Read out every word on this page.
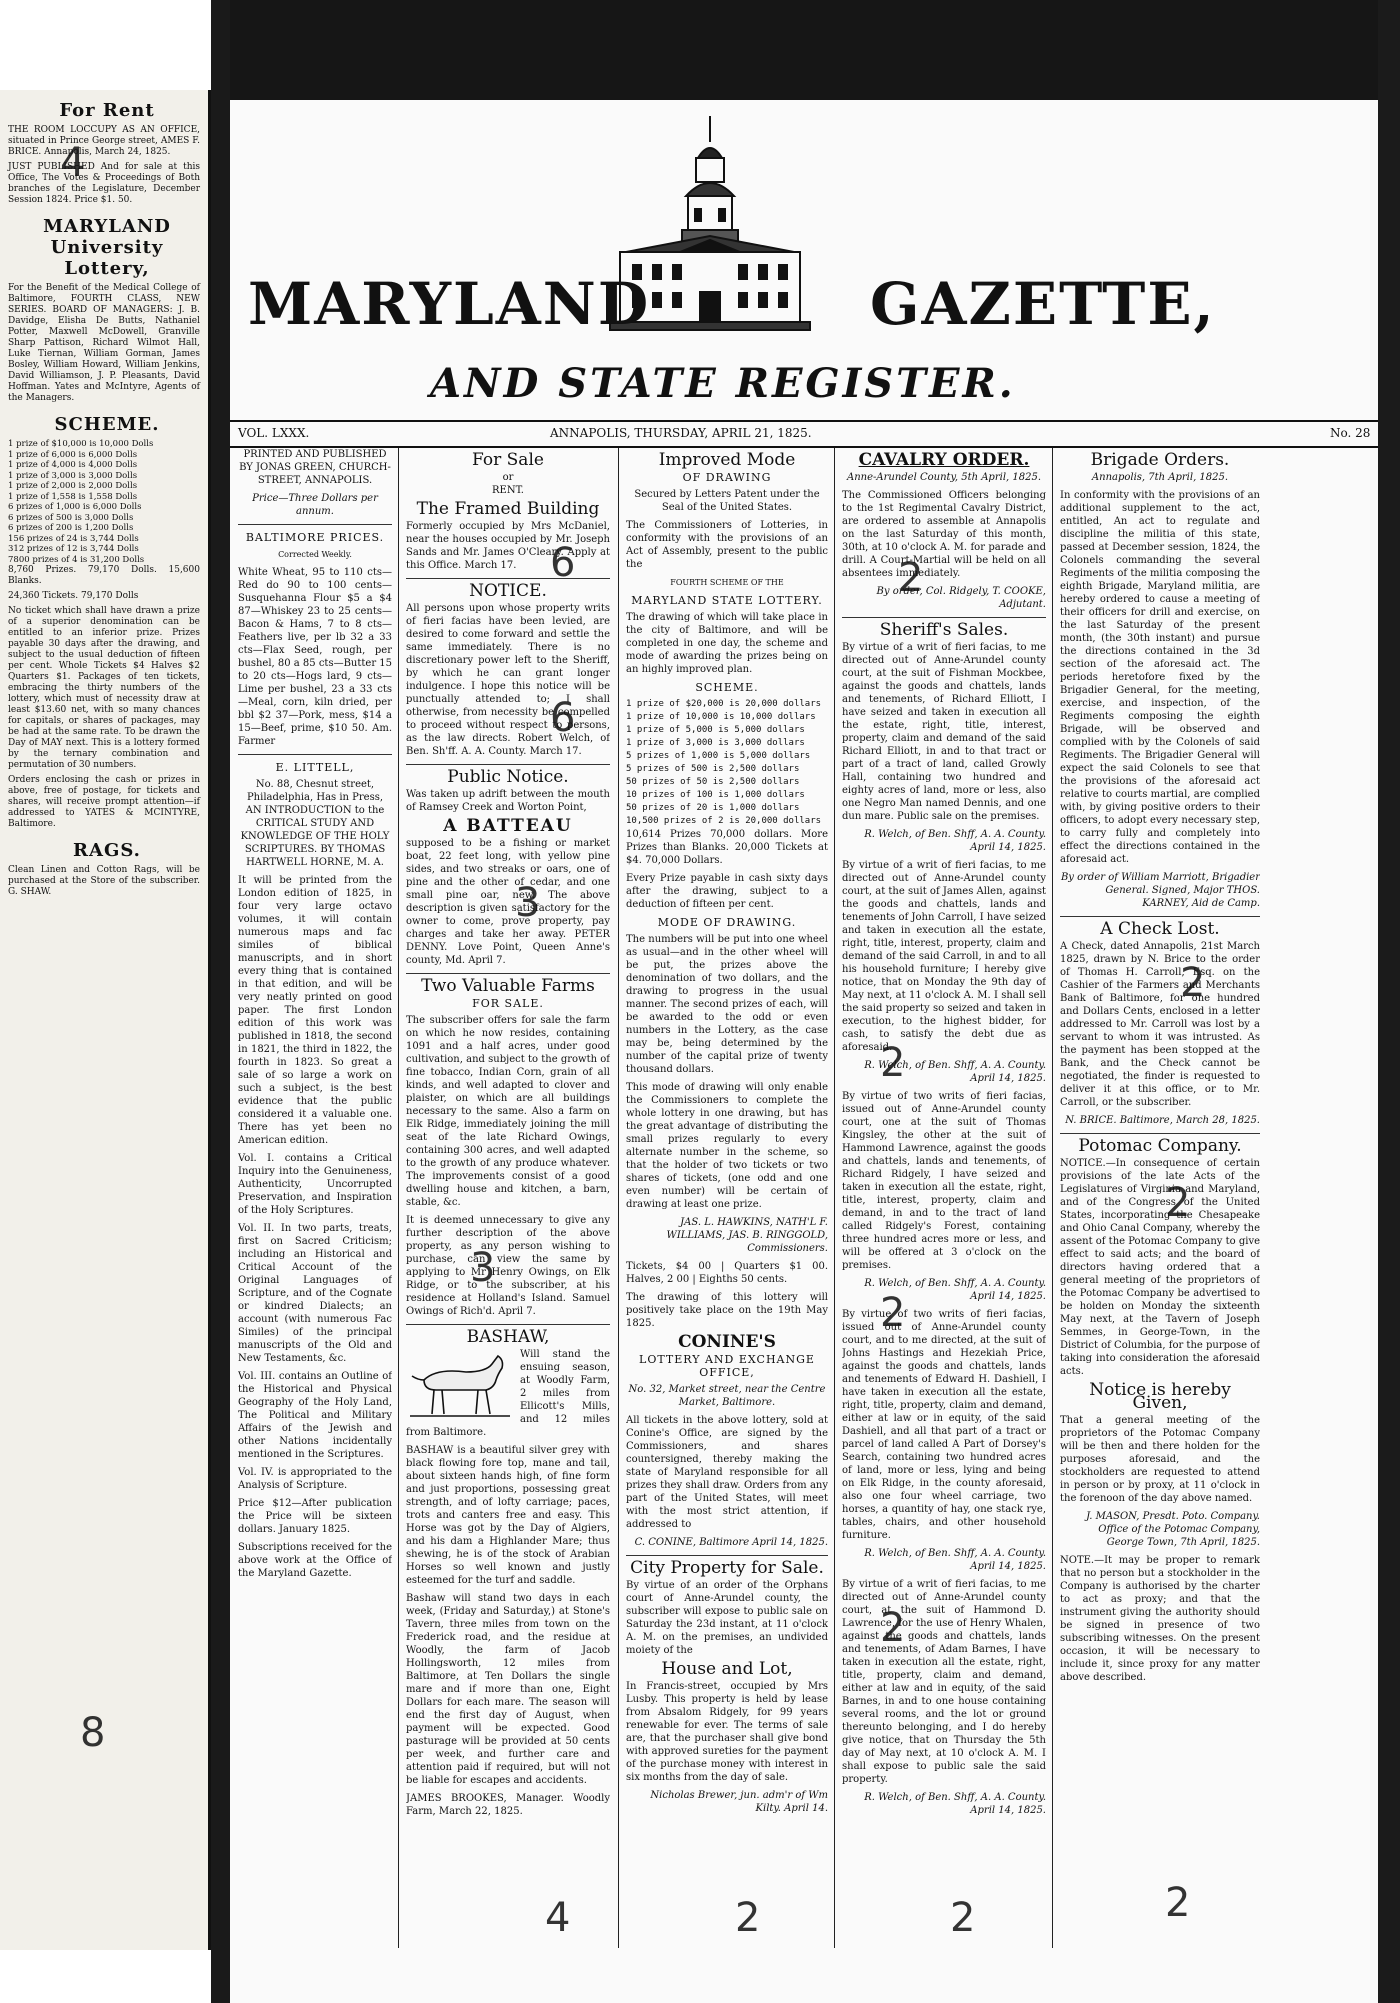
For Rent

THE ROOM LOCCUPY AS AN OFFICE, situated in Prince George street, AMES F. BRICE. Annapolis, March 24, 1825.

JUST PUBLISHED And for sale at this Office, The Votes & Proceedings of Both branches of the Legislature, December Session 1824. Price $1. 50.

MARYLAND University Lottery,

For the Benefit of the Medical College of Baltimore, FOURTH CLASS, NEW SERIES. BOARD OF MANAGERS: J. B. Davidge, Elisha De Butts, Nathaniel Potter, Maxwell McDowell, Granville Sharp Pattison, Richard Wilmot Hall, Luke Tiernan, William Gorman, James Bosley, William Howard, William Jenkins, David Williamson, J. P. Pleasants, David Hoffman. Yates and McIntyre, Agents of the Managers.

SCHEME.
1 prize of $10,000 is 10,000 Dolls
1 prize of 6,000 is 6,000 Dolls
1 prize of 4,000 is 4,000 Dolls
1 prize of 3,000 is 3,000 Dolls
1 prize of 2,000 is 2,000 Dolls
1 prize of 1,558 is 1,558 Dolls
6 prizes of 1,000 is 6,000 Dolls
6 prizes of 500 is 3,000 Dolls
6 prizes of 200 is 1,200 Dolls
156 prizes of 24 is 3,744 Dolls
312 prizes of 12 is 3,744 Dolls
7800 prizes of 4 is 31,200 Dolls

8,760 Prizes. 79,170 Dolls. 15,600 Blanks.

24,360 Tickets. 79,170 Dolls

No ticket which shall have drawn a prize of a superior denomination can be entitled to an inferior prize. Prizes payable 30 days after the drawing, and subject to the usual deduction of fifteen per cent. Whole Tickets $4 Halves $2 Quarters $1. Packages of ten tickets, embracing the thirty numbers of the lottery, which must of necessity draw at least $13.60 net, with so many chances for capitals, or shares of packages, may be had at the same rate. To be drawn the Day of MAY next. This is a lottery formed by the ternary combination and permutation of 30 numbers.

Orders enclosing the cash or prizes in above, free of postage, for tickets and shares, will receive prompt attention—if addressed to YATES & MCINTYRE, Baltimore.

RAGS.

Clean Linen and Cotton Rags, will be purchased at the Store of the subscriber. G. SHAW.

MARYLAND	GAZETTE,
AND STATE REGISTER.
VOL. LXXX.	ANNAPOLIS, THURSDAY, APRIL 21, 1825.	No. 28

PRINTED AND PUBLISHED BY JONAS GREEN, CHURCH-STREET, ANNAPOLIS.

Price—Three Dollars per annum.

BALTIMORE PRICES.

Corrected Weekly.

White Wheat, 95 to 110 cts—Red do 90 to 100 cents—Susquehanna Flour $5 a $4 87—Whiskey 23 to 25 cents—Bacon & Hams, 7 to 8 cts—Feathers live, per lb 32 a 33 cts—Flax Seed, rough, per bushel, 80 a 85 cts—Butter 15 to 20 cts—Hogs lard, 9 cts—Lime per bushel, 23 a 33 cts—Meal, corn, kiln dried, per bbl $2 37—Pork, mess, $14 a 15—Beef, prime, $10 50. Am. Farmer

E. LITTELL,

No. 88, Chesnut street, Philadelphia, Has in Press, AN INTRODUCTION to the CRITICAL STUDY AND KNOWLEDGE OF THE HOLY SCRIPTURES. BY THOMAS HARTWELL HORNE, M. A.

It will be printed from the London edition of 1825, in four very large octavo volumes, it will contain numerous maps and fac similes of biblical manuscripts, and in short every thing that is contained in that edition, and will be very neatly printed on good paper. The first London edition of this work was published in 1818, the second in 1821, the third in 1822, the fourth in 1823. So great a sale of so large a work on such a subject, is the best evidence that the public considered it a valuable one. There has yet been no American edition.

Vol. I. contains a Critical Inquiry into the Genuineness, Authenticity, Uncorrupted Preservation, and Inspiration of the Holy Scriptures.

Vol. II. In two parts, treats, first on Sacred Criticism; including an Historical and Critical Account of the Original Languages of Scripture, and of the Cognate or kindred Dialects; an account (with numerous Fac Similes) of the principal manuscripts of the Old and New Testaments, &c.

Vol. III. contains an Outline of the Historical and Physical Geography of the Holy Land, The Political and Military Affairs of the Jewish and other Nations incidentally mentioned in the Scriptures.

Vol. IV. is appropriated to the Analysis of Scripture.

Price $12—After publication the Price will be sixteen dollars. January 1825.

Subscriptions received for the above work at the Office of the Maryland Gazette.

For Sale

or

RENT.

The Framed Building

Formerly occupied by Mrs McDaniel, near the houses occupied by Mr. Joseph Sands and Mr. James O'Cleary. Apply at this Office. March 17.

NOTICE.

All persons upon whose property writs of fieri facias have been levied, are desired to come forward and settle the same immediately. There is no discretionary power left to the Sheriff, by which he can grant longer indulgence. I hope this notice will be punctually attended to; I shall otherwise, from necessity be compelled to proceed without respect to persons, as the law directs. Robert Welch, of Ben. Sh'ff. A. A. County. March 17.

Public Notice.

Was taken up adrift between the mouth of Ramsey Creek and Worton Point,

A BATTEAU

supposed to be a fishing or market boat, 22 feet long, with yellow pine sides, and two streaks or oars, one of pine and the other of cedar, and one small pine oar, new. The above description is given satisfactory for the owner to come, prove property, pay charges and take her away. PETER DENNY. Love Point, Queen Anne's county, Md. April 7.

Two Valuable Farms
FOR SALE.

The subscriber offers for sale the farm on which he now resides, containing 1091 and a half acres, under good cultivation, and subject to the growth of fine tobacco, Indian Corn, grain of all kinds, and well adapted to clover and plaister, on which are all buildings necessary to the same. Also a farm on Elk Ridge, immediately joining the mill seat of the late Richard Owings, containing 300 acres, and well adapted to the growth of any produce whatever. The improvements consist of a good dwelling house and kitchen, a barn, stable, &c.

It is deemed unnecessary to give any further description of the above property, as any person wishing to purchase, can view the same by applying to Mr Henry Owings, on Elk Ridge, or to the subscriber, at his residence at Holland's Island. Samuel Owings of Rich'd. April 7.

BASHAW,

Will stand the ensuing season, at Woodly Farm, 2 miles from Ellicott's Mills, and 12 miles from Baltimore.

BASHAW is a beautiful silver grey with black flowing fore top, mane and tail, about sixteen hands high, of fine form and just proportions, possessing great strength, and of lofty carriage; paces, trots and canters free and easy. This Horse was got by the Day of Algiers, and his dam a Highlander Mare; thus shewing, he is of the stock of Arabian Horses so well known and justly esteemed for the turf and saddle.

Bashaw will stand two days in each week, (Friday and Saturday,) at Stone's Tavern, three miles from town on the Frederick road, and the residue at Woodly, the farm of Jacob Hollingsworth, 12 miles from Baltimore, at Ten Dollars the single mare and if more than one, Eight Dollars for each mare. The season will end the first day of August, when payment will be expected. Good pasturage will be provided at 50 cents per week, and further care and attention paid if required, but will not be liable for escapes and accidents.

JAMES BROOKES, Manager. Woodly Farm, March 22, 1825.

Improved Mode
OF DRAWING

Secured by Letters Patent under the Seal of the United States.

The Commissioners of Lotteries, in conformity with the provisions of an Act of Assembly, present to the public the

FOURTH SCHEME OF THE

MARYLAND STATE LOTTERY.

The drawing of which will take place in the city of Baltimore, and will be completed in one day, the scheme and mode of awarding the prizes being on an highly improved plan.

SCHEME.
1 prize of $20,000 is 20,000 dollars
1 prize of 10,000 is 10,000 dollars
1 prize of 5,000 is 5,000 dollars
1 prize of 3,000 is 3,000 dollars
5 prizes of 1,000 is 5,000 dollars
5 prizes of 500 is 2,500 dollars
50 prizes of 50 is 2,500 dollars
10 prizes of 100 is 1,000 dollars
50 prizes of 20 is 1,000 dollars
10,500 prizes of 2 is 20,000 dollars

10,614 Prizes 70,000 dollars. More Prizes than Blanks. 20,000 Tickets at $4. 70,000 Dollars.

Every Prize payable in cash sixty days after the drawing, subject to a deduction of fifteen per cent.

MODE OF DRAWING.

The numbers will be put into one wheel as usual—and in the other wheel will be put, the prizes above the denomination of two dollars, and the drawing to progress in the usual manner. The second prizes of each, will be awarded to the odd or even numbers in the Lottery, as the case may be, being determined by the number of the capital prize of twenty thousand dollars.

This mode of drawing will only enable the Commissioners to complete the whole lottery in one drawing, but has the great advantage of distributing the small prizes regularly to every alternate number in the scheme, so that the holder of two tickets or two shares of tickets, (one odd and one even number) will be certain of drawing at least one prize.

JAS. L. HAWKINS, NATH'L F. WILLIAMS, JAS. B. RINGGOLD, Commissioners.

Tickets, $4 00 | Quarters $1 00. Halves, 2 00 | Eighths 50 cents.

The drawing of this lottery will positively take place on the 19th May 1825.

CONINE'S
LOTTERY AND EXCHANGE OFFICE,

No. 32, Market street, near the Centre Market, Baltimore.

All tickets in the above lottery, sold at Conine's Office, are signed by the Commissioners, and shares countersigned, thereby making the state of Maryland responsible for all prizes they shall draw. Orders from any part of the United States, will meet with the most strict attention, if addressed to

C. CONINE, Baltimore April 14, 1825.

City Property for Sale.

By virtue of an order of the Orphans court of Anne-Arundel county, the subscriber will expose to public sale on Saturday the 23d instant, at 11 o'clock A. M. on the premises, an undivided moiety of the

House and Lot,

In Francis-street, occupied by Mrs Lusby. This property is held by lease from Absalom Ridgely, for 99 years renewable for ever. The terms of sale are, that the purchaser shall give bond with approved sureties for the payment of the purchase money with interest in six months from the day of sale.

Nicholas Brewer, jun. adm'r of Wm Kilty. April 14.

CAVALRY ORDER.

Anne-Arundel County, 5th April, 1825.

The Commissioned Officers belonging to the 1st Regimental Cavalry District, are ordered to assemble at Annapolis on the last Saturday of this month, 30th, at 10 o'clock A. M. for parade and drill. A Court-Martial will be held on all absentees immediately.

By order, Col. Ridgely, T. COOKE, Adjutant.

Sheriff's Sales.

By virtue of a writ of fieri facias, to me directed out of Anne-Arundel county court, at the suit of Fishman Mockbee, against the goods and chattels, lands and tenements, of Richard Elliott, I have seized and taken in execution all the estate, right, title, interest, property, claim and demand of the said Richard Elliott, in and to that tract or part of a tract of land, called Growly Hall, containing two hundred and eighty acres of land, more or less, also one Negro Man named Dennis, and one dun mare. Public sale on the premises.

R. Welch, of Ben. Shff, A. A. County. April 14, 1825.

By virtue of a writ of fieri facias, to me directed out of Anne-Arundel county court, at the suit of James Allen, against the goods and chattels, lands and tenements of John Carroll, I have seized and taken in execution all the estate, right, title, interest, property, claim and demand of the said Carroll, in and to all his household furniture; I hereby give notice, that on Monday the 9th day of May next, at 11 o'clock A. M. I shall sell the said property so seized and taken in execution, to the highest bidder, for cash, to satisfy the debt due as aforesaid.

R. Welch, of Ben. Shff, A. A. County. April 14, 1825.

By virtue of two writs of fieri facias, issued out of Anne-Arundel county court, one at the suit of Thomas Kingsley, the other at the suit of Hammond Lawrence, against the goods and chattels, lands and tenements, of Richard Ridgely, I have seized and taken in execution all the estate, right, title, interest, property, claim and demand, in and to the tract of land called Ridgely's Forest, containing three hundred acres more or less, and will be offered at 3 o'clock on the premises.

R. Welch, of Ben. Shff, A. A. County. April 14, 1825.

By virtue of two writs of fieri facias, issued out of Anne-Arundel county court, and to me directed, at the suit of Johns Hastings and Hezekiah Price, against the goods and chattels, lands and tenements of Edward H. Dashiell, I have taken in execution all the estate, right, title, property, claim and demand, either at law or in equity, of the said Dashiell, and all that part of a tract or parcel of land called A Part of Dorsey's Search, containing two hundred acres of land, more or less, lying and being on Elk Ridge, in the county aforesaid, also one four wheel carriage, two horses, a quantity of hay, one stack rye, tables, chairs, and other household furniture.

R. Welch, of Ben. Shff, A. A. County. April 14, 1825.

By virtue of a writ of fieri facias, to me directed out of Anne-Arundel county court, at the suit of Hammond D. Lawrence, for the use of Henry Whalen, against the goods and chattels, lands and tenements, of Adam Barnes, I have taken in execution all the estate, right, title, property, claim and demand, either at law and in equity, of the said Barnes, in and to one house containing several rooms, and the lot or ground thereunto belonging, and I do hereby give notice, that on Thursday the 5th day of May next, at 10 o'clock A. M. I shall expose to public sale the said property.

R. Welch, of Ben. Shff, A. A. County. April 14, 1825.

Brigade Orders.

Annapolis, 7th April, 1825.

In conformity with the provisions of an additional supplement to the act, entitled, An act to regulate and discipline the militia of this state, passed at December session, 1824, the Colonels commanding the several Regiments of the militia composing the eighth Brigade, Maryland militia, are hereby ordered to cause a meeting of their officers for drill and exercise, on the last Saturday of the present month, (the 30th instant) and pursue the directions contained in the 3d section of the aforesaid act. The periods heretofore fixed by the Brigadier General, for the meeting, exercise, and inspection, of the Regiments composing the eighth Brigade, will be observed and complied with by the Colonels of said Regiments. The Brigadier General will expect the said Colonels to see that the provisions of the aforesaid act relative to courts martial, are complied with, by giving positive orders to their officers, to adopt every necessary step, to carry fully and completely into effect the directions contained in the aforesaid act.

By order of William Marriott, Brigadier General. Signed, Major THOS. KARNEY, Aid de Camp.

A Check Lost.

A Check, dated Annapolis, 21st March 1825, drawn by N. Brice to the order of Thomas H. Carroll, Esq. on the Cashier of the Farmers and Merchants Bank of Baltimore, for one hundred and Dollars Cents, enclosed in a letter addressed to Mr. Carroll was lost by a servant to whom it was intrusted. As the payment has been stopped at the Bank, and the Check cannot be negotiated, the finder is requested to deliver it at this office, or to Mr. Carroll, or the subscriber.

N. BRICE. Baltimore, March 28, 1825.

Potomac Company.

NOTICE.—In consequence of certain provisions of the late Acts of the Legislatures of Virginia and Maryland, and of the Congress of the United States, incorporating the Chesapeake and Ohio Canal Company, whereby the assent of the Potomac Company to give effect to said acts; and the board of directors having ordered that a general meeting of the proprietors of the Potomac Company be advertised to be holden on Monday the sixteenth May next, at the Tavern of Joseph Semmes, in George-Town, in the District of Columbia, for the purpose of taking into consideration the aforesaid acts.

Notice is hereby Given,

That a general meeting of the proprietors of the Potomac Company will be then and there holden for the purposes aforesaid, and the stockholders are requested to attend in person or by proxy, at 11 o'clock in the forenoon of the day above named.

J. MASON, Presdt. Poto. Company. Office of the Potomac Company, George Town, 7th April, 1825.

NOTE.—It may be proper to remark that no person but a stockholder in the Company is authorised by the charter to act as proxy; and that the instrument giving the authority should be signed in presence of two subscribing witnesses. On the present occasion, it will be necessary to include it, since proxy for any matter above described.

6
6
3
3
2
2
2
2
2
2
4	2	2	2
8
4
